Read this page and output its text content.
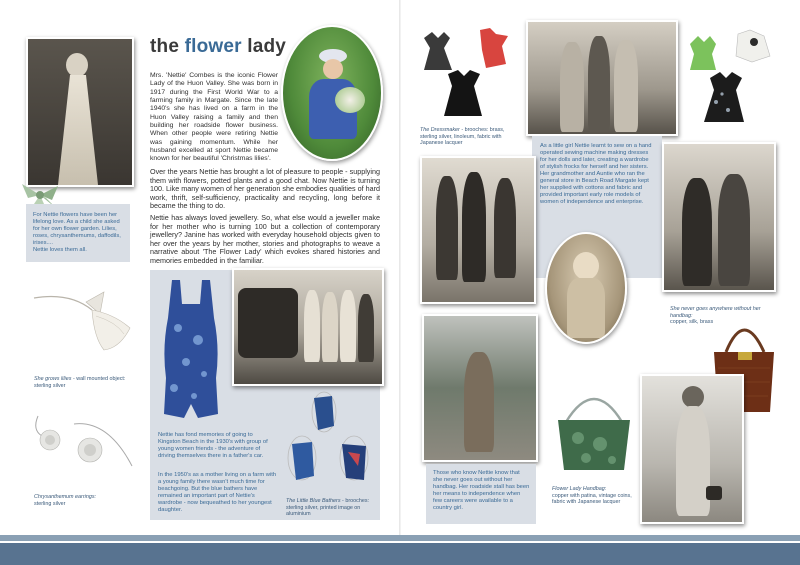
For Nettie flowers have been her lifelong love. As a child she asked for her own flower garden. Lilies, roses, chrysanthemums, daffodils, irises....
Nettie loves them all.

the flower lady

Mrs. 'Nettie' Combes is the iconic Flower Lady of the Huon Valley. She was born in 1917 during the First World War to a farming family in Margate. Since the late 1940's she has lived on a farm in the Huon Valley raising a family and then building her roadside flower business. When other people were retiring Nettie was gaining momentum. While her husband excelled at sport Nettie became known for her beautiful 'Christmas lilies'.

Over the years Nettie has brought a lot of pleasure to people - supplying them with flowers, potted plants and a good chat. Now Nettie is turning 100. Like many women of her generation she embodies qualities of hard work, thrift, self-sufficiency, practicality and recycling, long before it became the thing to do.

Nettie has always loved jewellery. So, what else would a jeweller make for her mother who is turning 100 but a collection of contemporary jewellery? Janine has worked with everyday household objects given to her over the years by her mother, stories and photographs to weave a narrative about 'The Flower Lady' which evokes shared histories and memories embedded in the familiar.

She grows lilies - wall mounted object: sterling silver

Chrysanthemum earrings:
sterling silver

Nettie has fond memories of going to Kingston Beach in the 1930's with group of young women friends - the adventure of driving themselves there in a father's car.

In the 1950's as a mother living on a farm with a young family there wasn't much time for beachgoing. But the blue bathers have remained an important part of Nettie's wardrobe - now bequeathed to her youngest daughter.

The Little Blue Bathers - brooches: sterling silver, printed image on aluminium

The Dressmaker - brooches: brass, sterling silver, linoleum, fabric with Japanese lacquer	As a little girl Nettie learnt to sew on a hand operated sewing machine making dresses for her dolls and later, creating a wardrobe of stylish frocks for herself and her sisters. Her grandmother and Auntie who ran the general store in Beach Road Margate kept her supplied with cottons and fabric and provided important early role models of women of independence and enterprise.

She never goes anywhere without her handbag:
copper, silk, brass

Those who know Nettie know that she never goes out without her handbag. Her roadside stall has been her means to independence when few careers were available to a country girl.

Flower Lady Handbag:
copper with patina, vintage coins, fabric with Japanese lacquer
